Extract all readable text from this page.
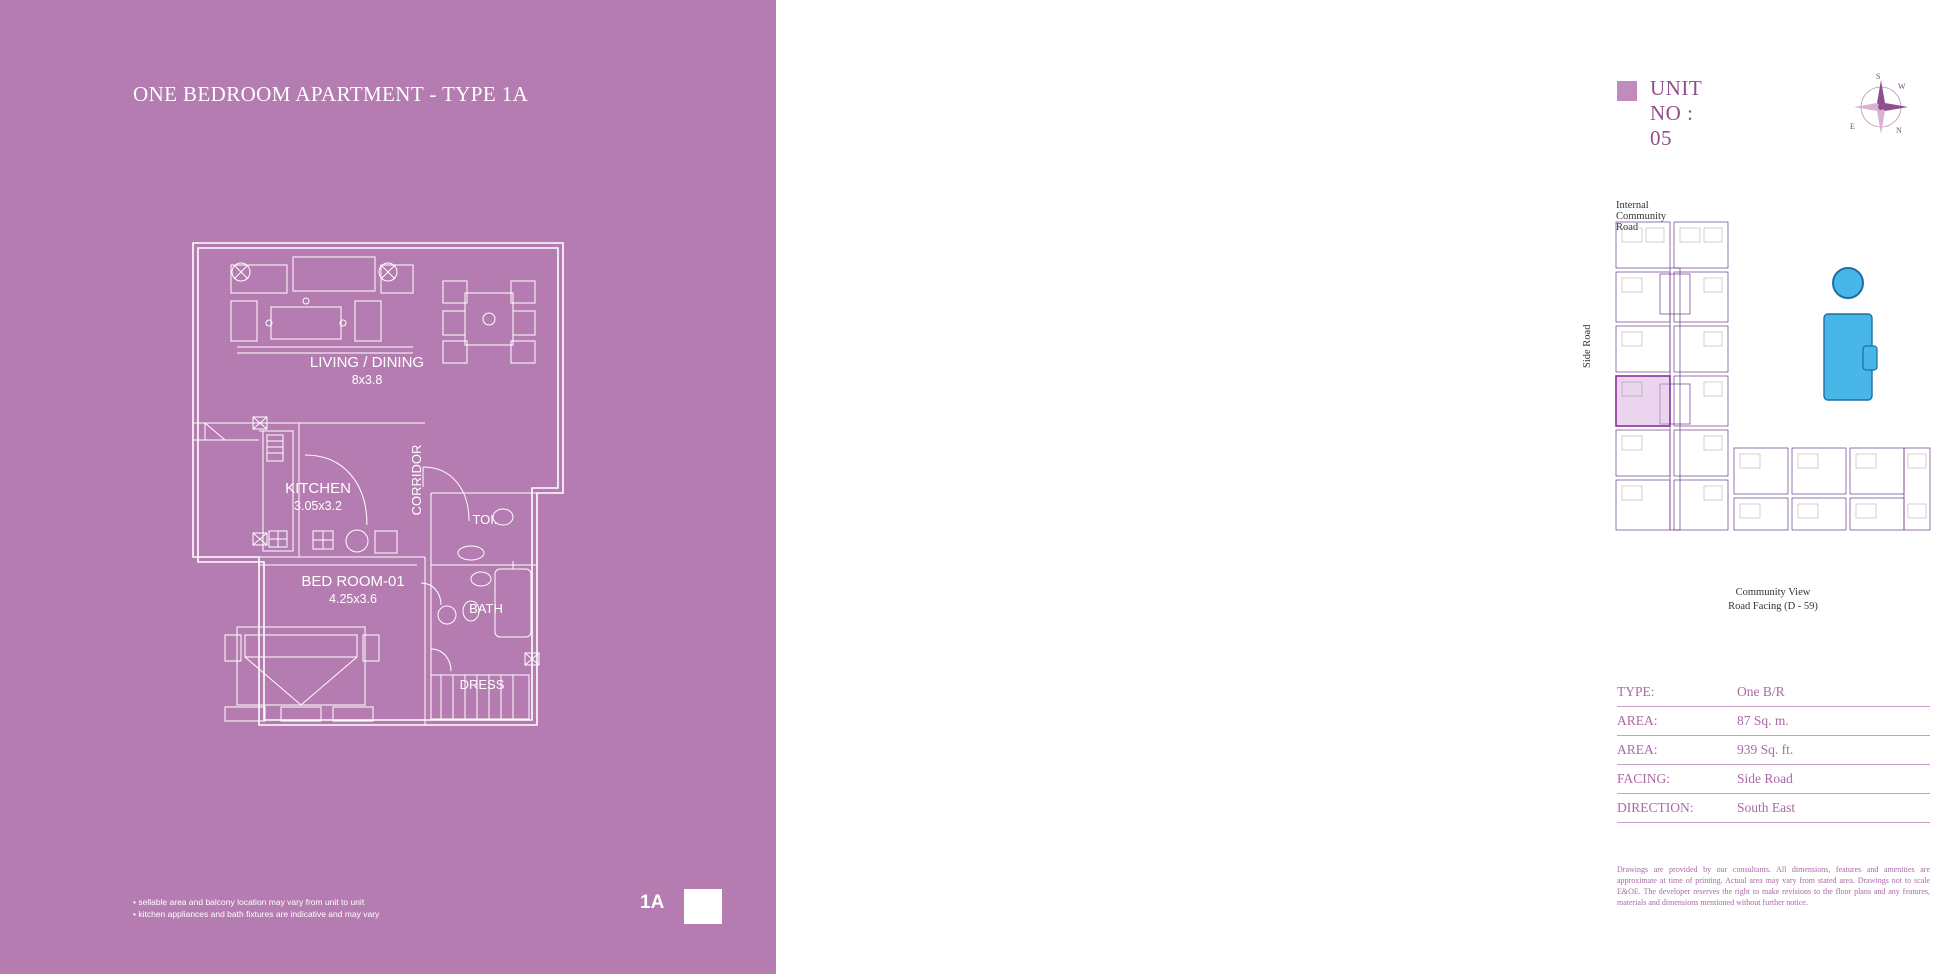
ONE BEDROOM APARTMENT - TYPE 1A
LIVING / DINING
8x3.8
KITCHEN
3.05x3.2
BED ROOM-01
4.25x3.6
CORRIDOR
TOI.
BATH
DRESS
• sellable area and balcony location may vary from unit to unit
• kitchen appliances and bath fixtures are indicative and may vary
1A
UNIT NO : 05
S
W
E	N
Internal Community Road
Side Road
Community View
Road Facing (D - 59)
TYPE:	One B/R
AREA:	87 Sq. m.
AREA:	939 Sq. ft.
FACING:	Side Road
DIRECTION:	South East
Drawings are provided by our consultants. All dimensions, features and amenities are approximate at time of printing. Actual area may vary from stated area. Drawings not to scale E&OE. The developer reserves the right to make revisions to the floor plans and any features, materials and dimensions mentioned without further notice.
